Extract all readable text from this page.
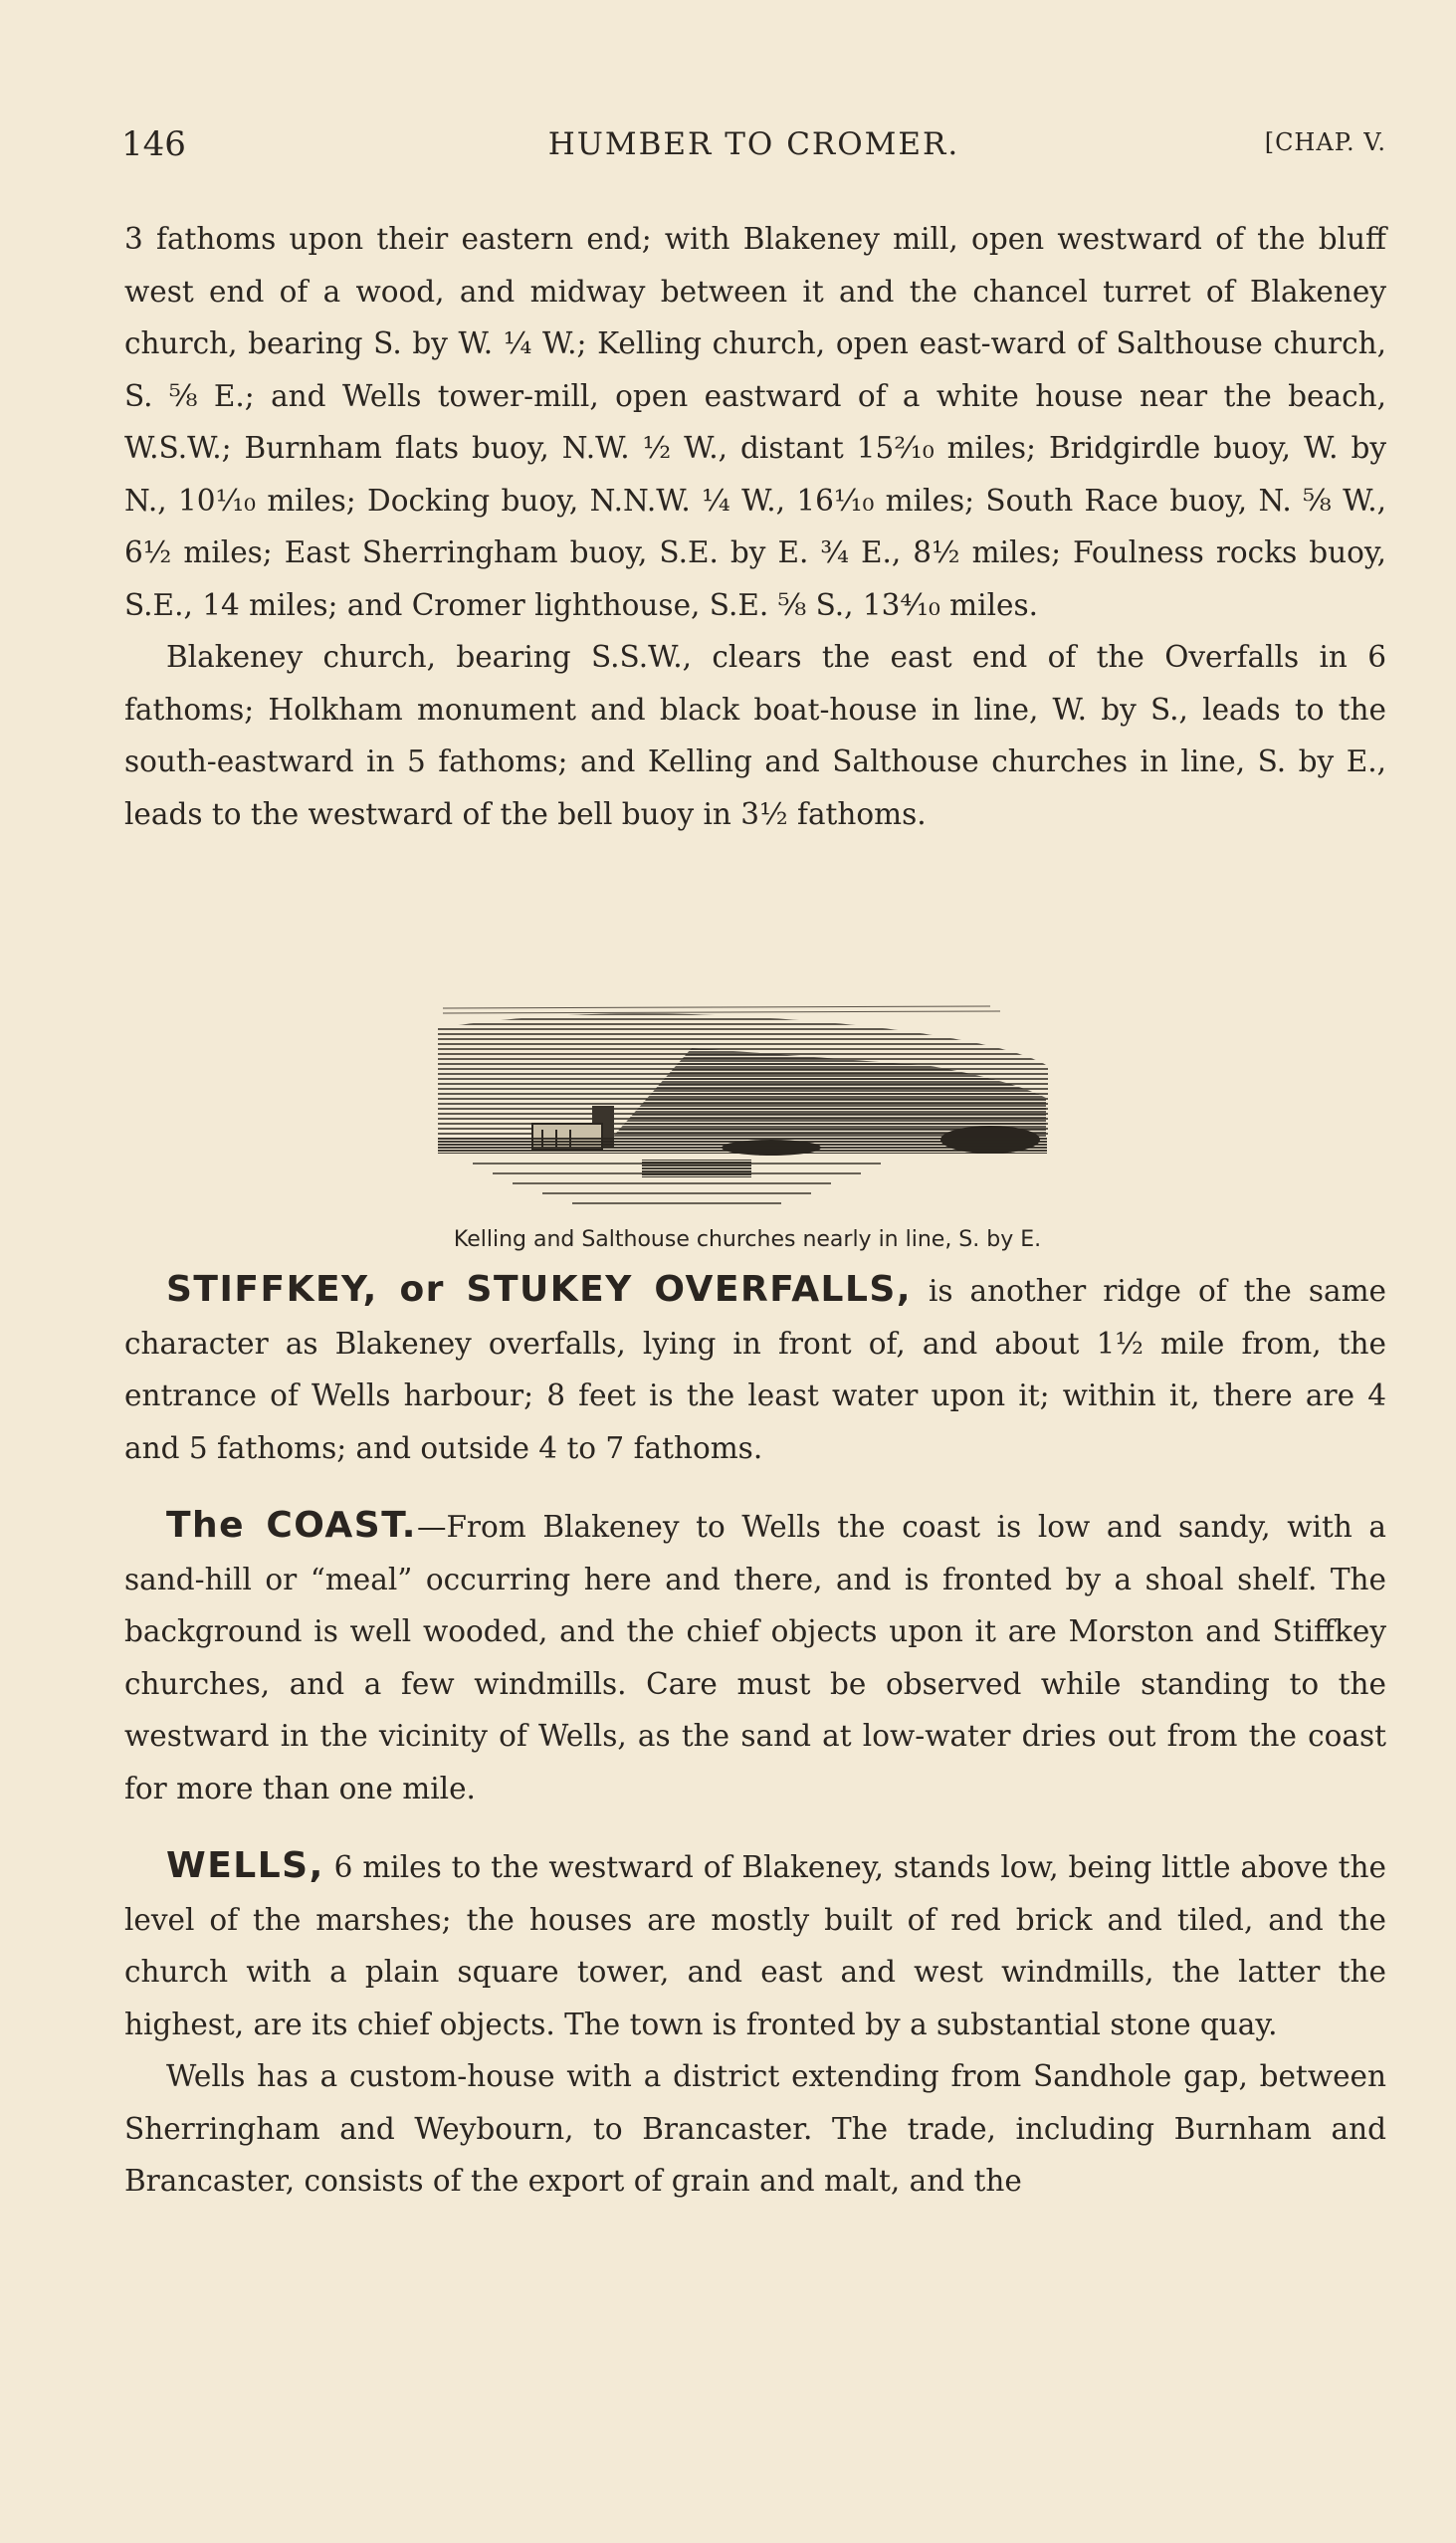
146	HUMBER TO CROMER.	[CHAP. V.

3 fathoms upon their eastern end; with Blakeney mill, open westward of the bluff west end of a wood, and midway between it and the chancel turret of Blakeney church, bearing S. by W. ¼ W.; Kelling church, open east-ward of Salthouse church, S. ⅝ E.; and Wells tower-mill, open eastward of a white house near the beach, W.S.W.; Burnham flats buoy, N.W. ½ W., distant 15²⁄₁₀ miles; Bridgirdle buoy, W. by N., 10¹⁄₁₀ miles; Docking buoy, N.N.W. ¼ W., 16¹⁄₁₀ miles; South Race buoy, N. ⅝ W., 6½ miles; East Sherringham buoy, S.E. by E. ¾ E., 8½ miles; Foulness rocks buoy, S.E., 14 miles; and Cromer lighthouse, S.E. ⅝ S., 13⁴⁄₁₀ miles.

Blakeney church, bearing S.S.W., clears the east end of the Overfalls in 6 fathoms; Holkham monument and black boat-house in line, W. by S., leads to the south-eastward in 5 fathoms; and Kelling and Salthouse churches in line, S. by E., leads to the westward of the bell buoy in 3½ fathoms.

Kelling and Salthouse churches nearly in line, S. by E.

STIFFKEY, or STUKEY OVERFALLS, is another ridge of the same character as Blakeney overfalls, lying in front of, and about 1½ mile from, the entrance of Wells harbour; 8 feet is the least water upon it; within it, there are 4 and 5 fathoms; and outside 4 to 7 fathoms.

The COAST.—From Blakeney to Wells the coast is low and sandy, with a sand-hill or “meal” occurring here and there, and is fronted by a shoal shelf. The background is well wooded, and the chief objects upon it are Morston and Stiffkey churches, and a few windmills. Care must be observed while standing to the westward in the vicinity of Wells, as the sand at low-water dries out from the coast for more than one mile.

WELLS, 6 miles to the westward of Blakeney, stands low, being little above the level of the marshes; the houses are mostly built of red brick and tiled, and the church with a plain square tower, and east and west windmills, the latter the highest, are its chief objects. The town is fronted by a substantial stone quay.

Wells has a custom-house with a district extending from Sandhole gap, between Sherringham and Weybourn, to Brancaster. The trade, including Burnham and Brancaster, consists of the export of grain and malt, and the
